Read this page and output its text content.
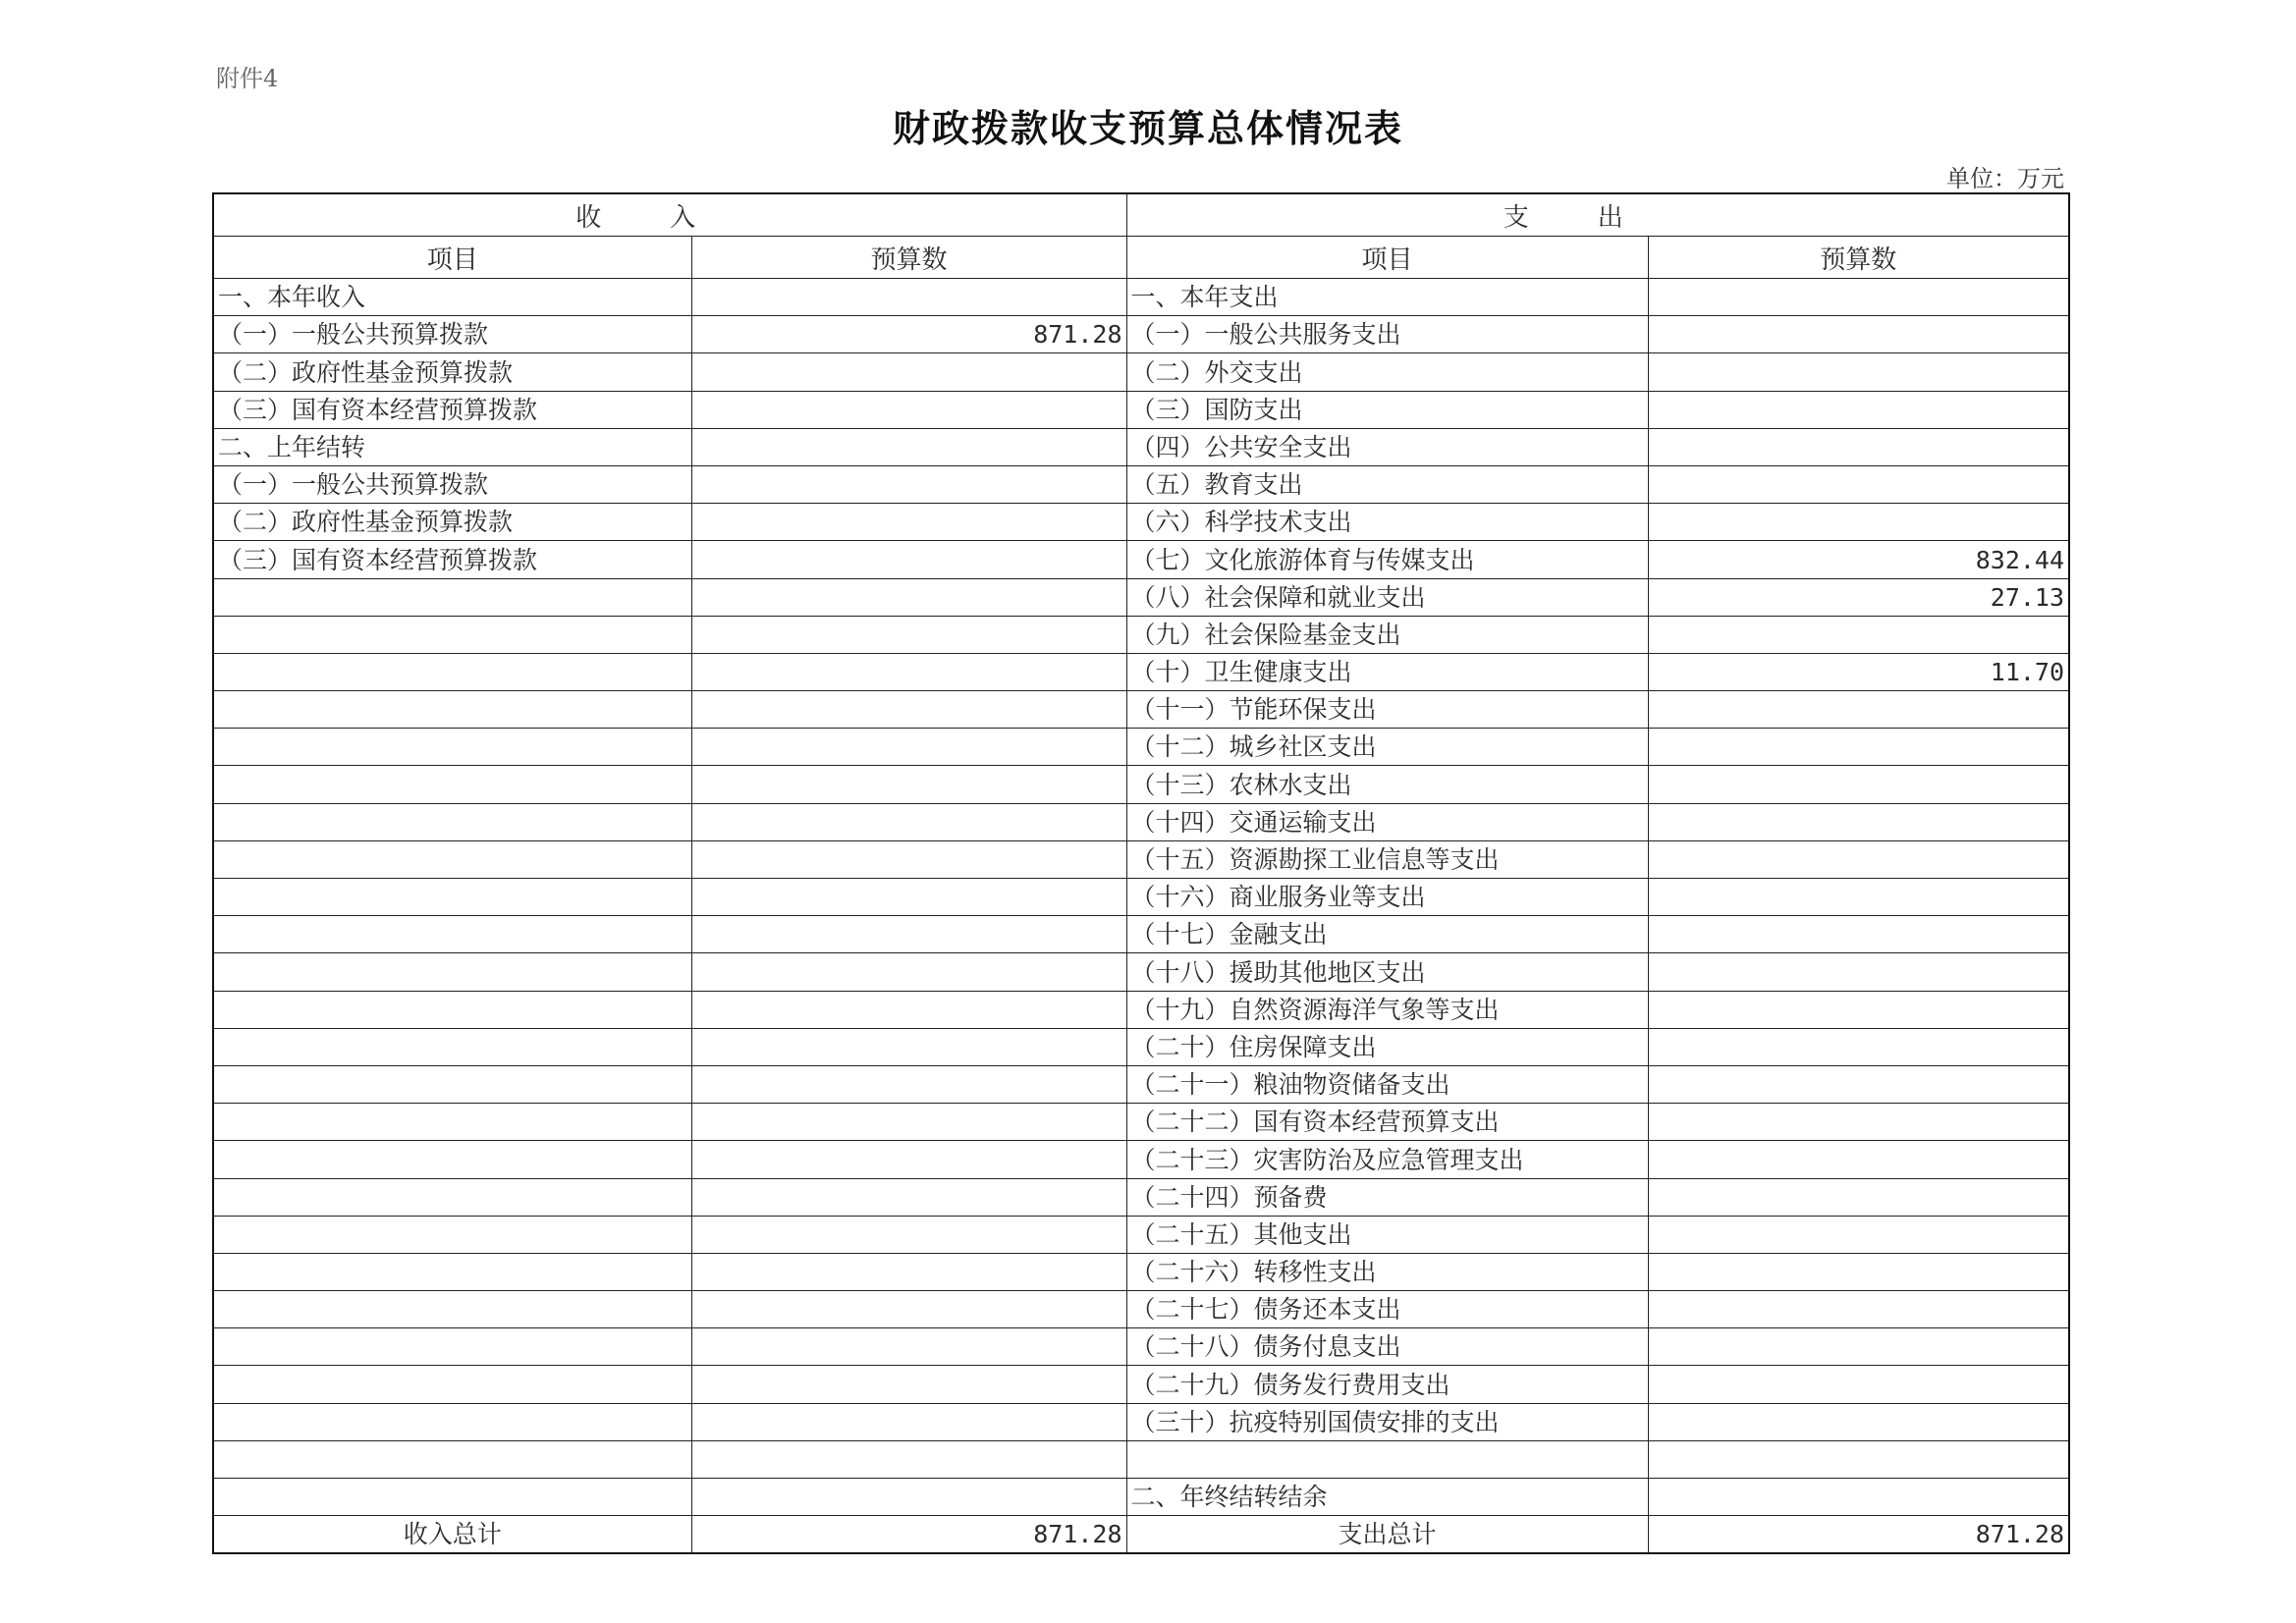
附件4
财政拨款收支预算总体情况表
单位：万元
收入		支出	
项目	预算数	项目	预算数
一、本年收入		一、本年支出	
（一）一般公共预算拨款	871.28	（一）一般公共服务支出	
（二）政府性基金预算拨款		（二）外交支出	
（三）国有资本经营预算拨款		（三）国防支出	
二、上年结转		（四）公共安全支出	
（一）一般公共预算拨款		（五）教育支出	
（二）政府性基金预算拨款		（六）科学技术支出	
（三）国有资本经营预算拨款		（七）文化旅游体育与传媒支出	832.44
		（八）社会保障和就业支出	27.13
		（九）社会保险基金支出	
		（十）卫生健康支出	11.70
		（十一）节能环保支出	
		（十二）城乡社区支出	
		（十三）农林水支出	
		（十四）交通运输支出	
		（十五）资源勘探工业信息等支出	
		（十六）商业服务业等支出	
		（十七）金融支出	
		（十八）援助其他地区支出	
		（十九）自然资源海洋气象等支出	
		（二十）住房保障支出	
		（二十一）粮油物资储备支出	
		（二十二）国有资本经营预算支出	
		（二十三）灾害防治及应急管理支出	
		（二十四）预备费	
		（二十五）其他支出	
		（二十六）转移性支出	
		（二十七）债务还本支出	
		（二十八）债务付息支出	
		（二十九）债务发行费用支出	
		（三十）抗疫特别国债安排的支出	

		二、年终结转结余	
收入总计	871.28	支出总计	871.28
